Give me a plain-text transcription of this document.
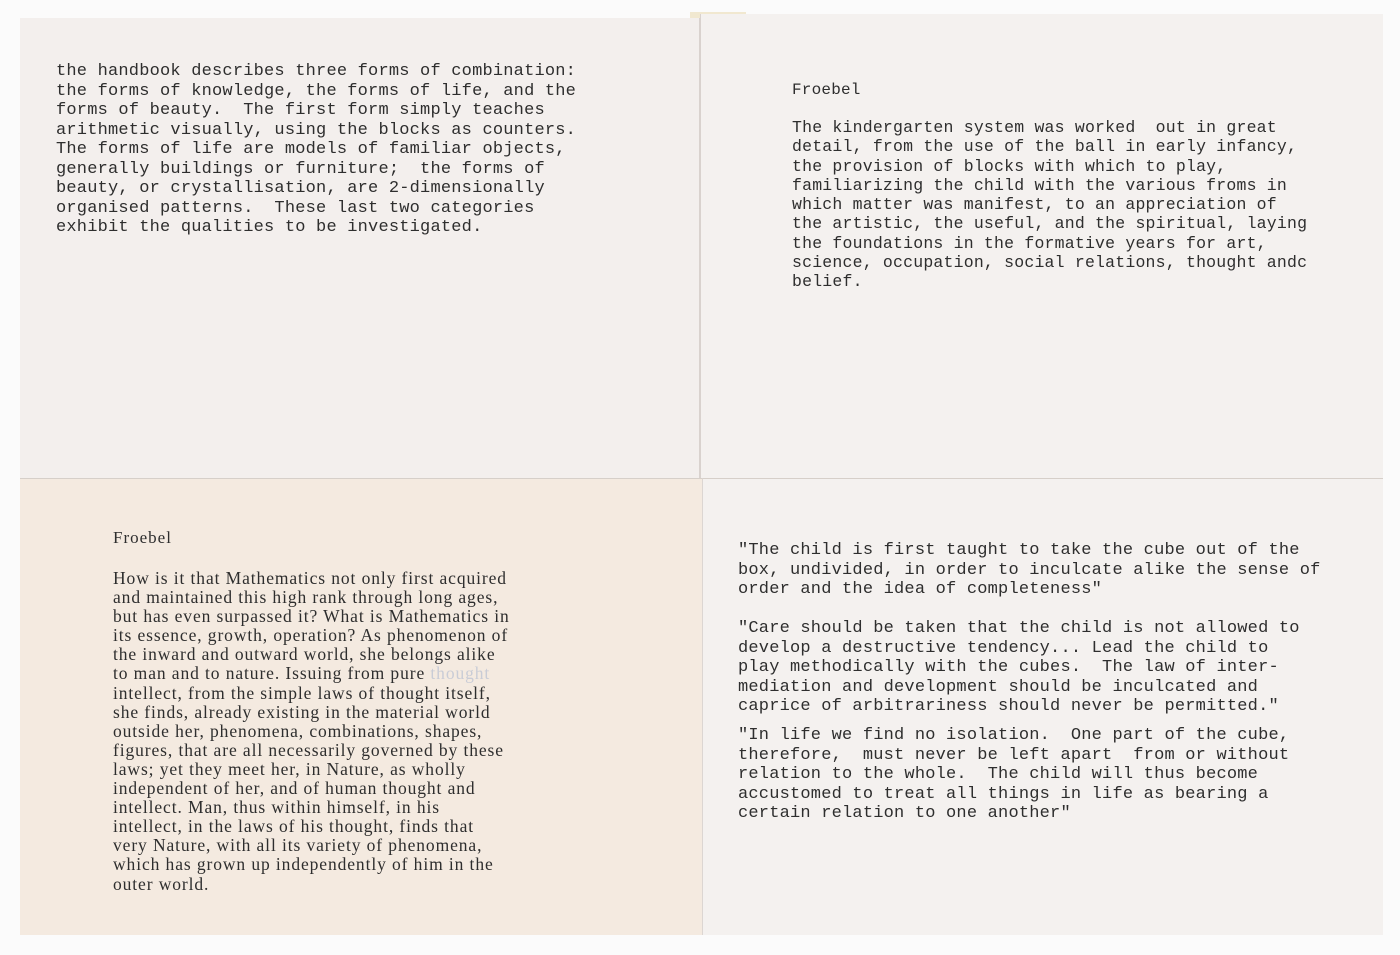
the handbook describes three forms of combination:
the forms of knowledge, the forms of life, and the
forms of beauty.  The first form simply teaches
arithmetic visually, using the blocks as counters.
The forms of life are models of familiar objects,
generally buildings or furniture;  the forms of
beauty, or crystallisation, are 2-dimensionally
organised patterns.  These last two categories
exhibit the qualities to be investigated.

Froebel

The kindergarten system was worked  out in great
detail, from the use of the ball in early infancy,
the provision of blocks with which to play,
familiarizing the child with the various froms in
which matter was manifest, to an appreciation of
the artistic, the useful, and the spiritual, laying
the foundations in the formative years for art,
science, occupation, social relations, thought andc
belief.

Froebel

How is it that Mathematics not only first acquired
and maintained this high rank through long ages,
but has even surpassed it? What is Mathematics in
its essence, growth, operation? As phenomenon of
the inward and outward world, she belongs alike
to man and to nature. Issuing from pure thought
intellect, from the simple laws of thought itself,
she finds, already existing in the material world
outside her, phenomena, combinations, shapes,
figures, that are all necessarily governed by these
laws; yet they meet her, in Nature, as wholly
independent of her, and of human thought and
intellect. Man, thus within himself, in his
intellect, in the laws of his thought, finds that
very Nature, with all its variety of phenomena,
which has grown up independently of him in the
outer world.

"The child is first taught to take the cube out of the
box, undivided, in order to inculcate alike the sense of
order and the idea of completeness"

"Care should be taken that the child is not allowed to
develop a destructive tendency... Lead the child to
play methodically with the cubes.  The law of inter-
mediation and development should be inculcated and
caprice of arbitrariness should never be permitted."

"In life we find no isolation.  One part of the cube,
therefore,  must never be left apart  from or without
relation to the whole.  The child will thus become
accustomed to treat all things in life as bearing a
certain relation to one another"
